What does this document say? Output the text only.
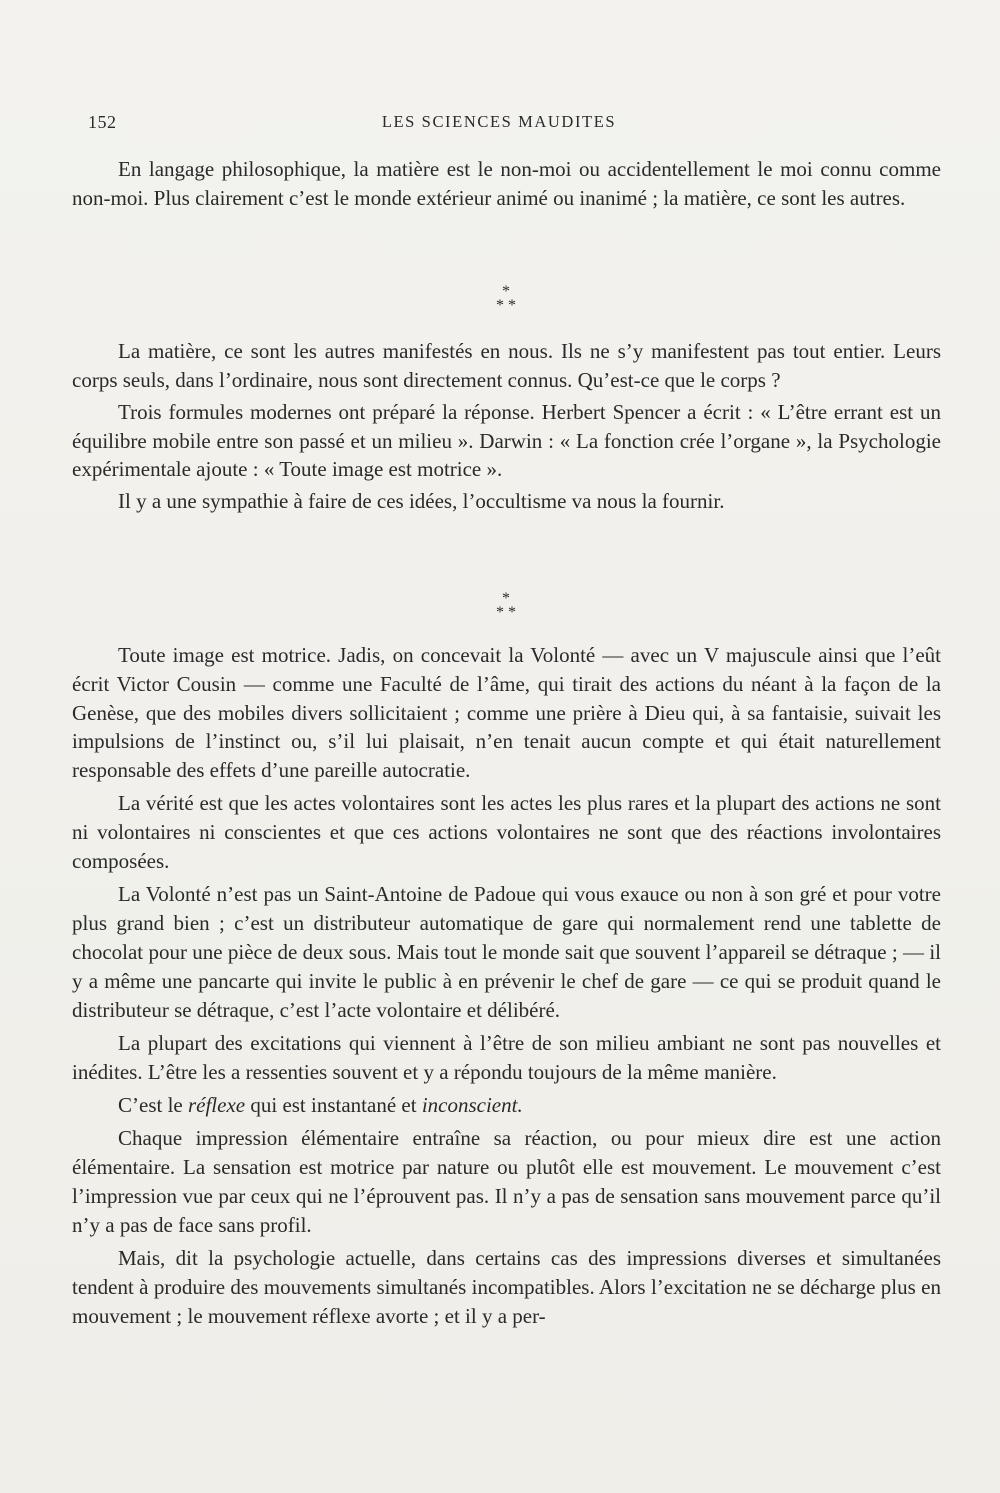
152	LES SCIENCES MAUDITES

En langage philosophique, la matière est le non-moi ou accidentellement le moi connu comme non-moi. Plus clairement c’est le monde extérieur animé ou inanimé ; la matière, ce sont les autres.

*
* *

La matière, ce sont les autres manifestés en nous. Ils ne s’y manifestent pas tout entier. Leurs corps seuls, dans l’ordinaire, nous sont directement connus. Qu’est-ce que le corps ?

Trois formules modernes ont préparé la réponse. Herbert Spencer a écrit : « L’être errant est un équilibre mobile entre son passé et un milieu ». Darwin : « La fonction crée l’organe », la Psychologie expérimentale ajoute : « Toute image est motrice ».

Il y a une sympathie à faire de ces idées, l’occultisme va nous la fournir.

*
* *

Toute image est motrice. Jadis, on concevait la Volonté — avec un V majuscule ainsi que l’eût écrit Victor Cousin — comme une Faculté de l’âme, qui tirait des actions du néant à la façon de la Genèse, que des mobiles divers sollicitaient ; comme une prière à Dieu qui, à sa fantaisie, suivait les impulsions de l’instinct ou, s’il lui plaisait, n’en tenait aucun compte et qui était naturellement responsable des effets d’une pareille autocratie.

La vérité est que les actes volontaires sont les actes les plus rares et la plupart des actions ne sont ni volontaires ni conscientes et que ces actions volontaires ne sont que des réactions involontaires composées.

La Volonté n’est pas un Saint-Antoine de Padoue qui vous exauce ou non à son gré et pour votre plus grand bien ; c’est un distributeur automatique de gare qui normalement rend une tablette de chocolat pour une pièce de deux sous. Mais tout le monde sait que souvent l’appareil se détraque ; — il y a même une pancarte qui invite le public à en prévenir le chef de gare — ce qui se produit quand le distributeur se détraque, c’est l’acte volontaire et délibéré.

La plupart des excitations qui viennent à l’être de son milieu ambiant ne sont pas nouvelles et inédites. L’être les a ressenties souvent et y a répondu toujours de la même manière.

C’est le réflexe qui est instantané et inconscient.

Chaque impression élémentaire entraîne sa réaction, ou pour mieux dire est une action élémentaire. La sensation est motrice par nature ou plutôt elle est mouvement. Le mouvement c’est l’impression vue par ceux qui ne l’éprouvent pas. Il n’y a pas de sensation sans mouvement parce qu’il n’y a pas de face sans profil.

Mais, dit la psychologie actuelle, dans certains cas des impressions diverses et simultanées tendent à produire des mouvements simultanés incompatibles. Alors l’excitation ne se décharge plus en mouvement ; le mouvement réflexe avorte ; et il y a per-
